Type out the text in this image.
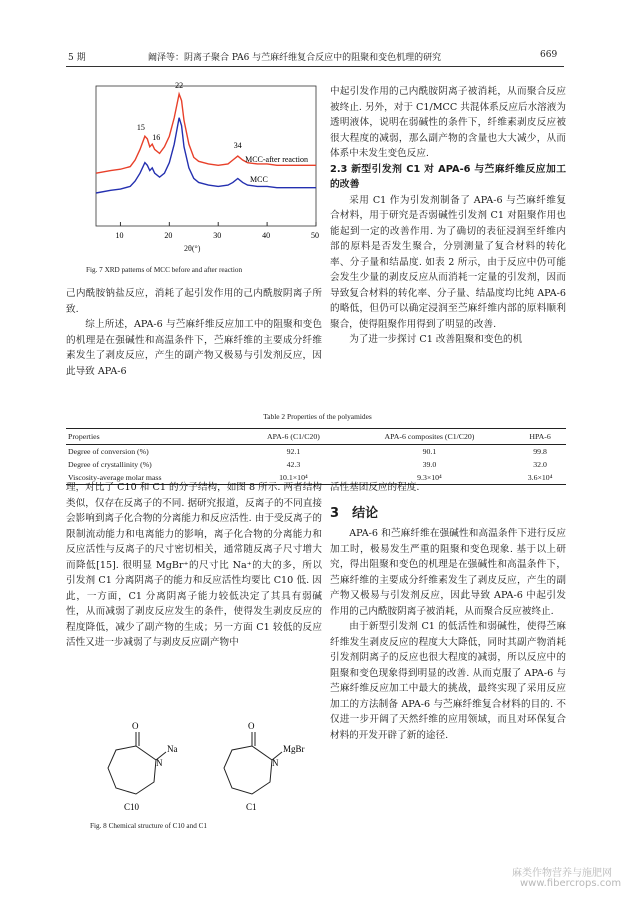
5 期	阚泽等：阴离子聚合 PA6 与苎麻纤维复合反应中的阻聚和变色机理的研究	669
10	20	30	40	50
15
16
22
34
MCC-after reaction
MCC
2θ(°)
Fig. 7 XRD patterns of MCC before and after reaction

己内酰胺钠盐反应，消耗了起引发作用的己内酰胺阴离子所致.

综上所述，APA-6 与苎麻纤维反应加工中的阻聚和变色的机理是在强碱性和高温条件下，苎麻纤维的主要成分纤维素发生了剥皮反应，产生的副产物又极易与引发剂反应，因此导致 APA-6

中起引发作用的己内酰胺阴离子被消耗，从而聚合反应被终止. 另外，对于 C1/MCC 共混体系反应后水溶液为透明液体，说明在弱碱性的条件下，纤维素剥皮反应被很大程度的减弱，那么副产物的含量也大大减少，从而体系中未发生变色反应.

2.3 新型引发剂 C1 对 APA-6 与苎麻纤维反应加工的改善

采用 C1 作为引发剂制备了 APA-6 与苎麻纤维复合材料，用于研究是否弱碱性引发剂 C1 对阻聚作用也能起到一定的改善作用. 为了确切的表征浸润至纤维内部的原料是否发生聚合，分别测量了复合材料的转化率、分子量和结晶度. 如表 2 所示，由于反应中仍可能会发生少量的剥皮反应从而消耗一定量的引发剂，因而导致复合材料的转化率、分子量、结晶度均比纯 APA-6 的略低，但仍可以确定浸润至苎麻纤维内部的原料顺利聚合，使得阻聚作用得到了明显的改善.

为了进一步探讨 C1 改善阻聚和变色的机

Table 2 Properties of the polyamides
Properties	APA-6 (C1/C20)	APA-6 composites (C1/C20)	HPA-6
Degree of conversion (%)	92.1	90.1	99.8
Degree of crystallinity (%)	42.3	39.0	32.0
Viscosity-average molar mass	10.1×10⁴	9.3×10⁴	3.6×10⁴

理，对比了 C10 和 C1 的分子结构，如图 8 所示. 两者结构类似，仅存在反离子的不同. 据研究报道，反离子的不同直接会影响到离子化合物的分离能力和反应活性. 由于受反离子的限制流动能力和电离能力的影响，离子化合物的分离能力和反应活性与反离子的尺寸密切相关，通常随反离子尺寸增大而降低[15]. 很明显 MgBr⁺的尺寸比 Na⁺的大的多，所以引发剂 C1 分离阴离子的能力和反应活性均要比 C10 低. 因此，一方面，C1 分离阴离子能力较低决定了其具有弱碱性，从而减弱了剥皮反应发生的条件，使得发生剥皮反应的程度降低，减少了副产物的生成；另一方面 C1 较低的反应活性又进一步减弱了与剥皮反应副产物中

O
N
Na
C10
O
N
MgBr
C1
Fig. 8 Chemical structure of C10 and C1

活性基团反应的程度.

3 结论

APA-6 和苎麻纤维在强碱性和高温条件下进行反应加工时，极易发生严重的阻聚和变色现象. 基于以上研究，得出阻聚和变色的机理是在强碱性和高温条件下，苎麻纤维的主要成分纤维素发生了剥皮反应，产生的副产物又极易与引发剂反应，因此导致 APA-6 中起引发作用的己内酰胺阴离子被消耗，从而聚合反应被终止.

由于新型引发剂 C1 的低活性和弱碱性，使得苎麻纤维发生剥皮反应的程度大大降低，同时其副产物消耗引发剂阴离子的反应也很大程度的减弱，所以反应中的阻聚和变色现象得到明显的改善. 从而克服了 APA-6 与苎麻纤维反应加工中最大的挑战，最终实现了采用反应加工的方法制备 APA-6 与苎麻纤维复合材料的目的. 不仅进一步开阔了天然纤维的应用领域，而且对环保复合材料的开发开辟了新的途径.

麻类作物营养与施肥网
www.fibercrops.com
